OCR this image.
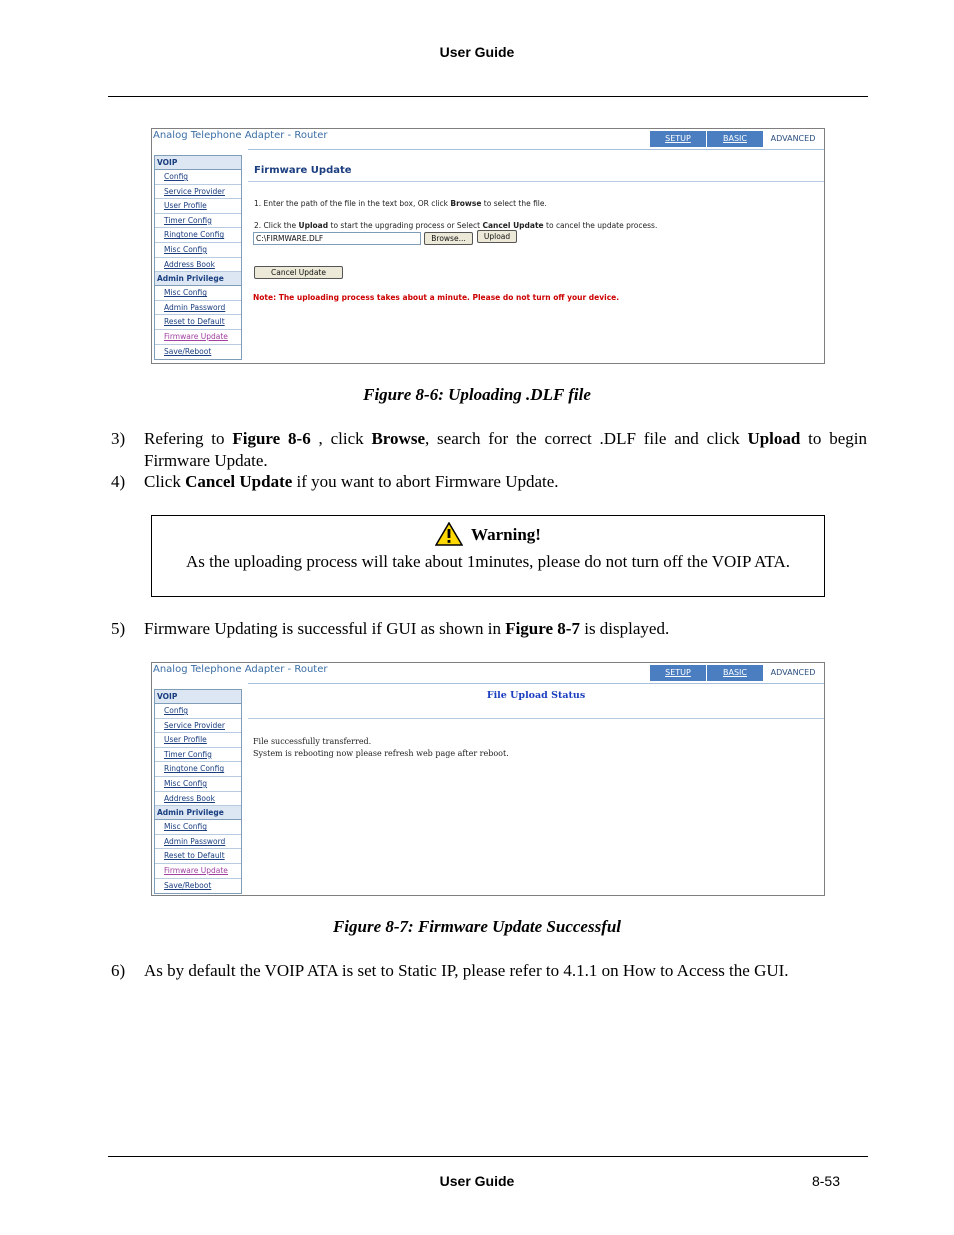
User Guide
Analog Telephone Adapter - Router	SETUP	BASIC	ADVANCED
VOIP
Config
Service Provider
User Profile
Timer Config
Ringtone Config
Misc Config
Address Book
Admin Privilege
Misc Config
Admin Password
Reset to Default
Firmware Update
Save/Reboot
Firmware Update
1. Enter the path of the file in the text box, OR click Browse to select the file.
2. Click the Upload to start the upgrading process or Select Cancel Update to cancel the update process.
C:\FIRMWARE.DLF	Browse...	Upload
Cancel Update
Note: The uploading process takes about a minute. Please do not turn off your device.
Figure 8-6: Uploading .DLF file
3) Refering to Figure 8-6 , click Browse, search for the correct .DLF file and click Upload to begin Firmware Update.
4) Click Cancel Update if you want to abort Firmware Update.
Warning!
As the uploading process will take about 1minutes, please do not turn off the VOIP ATA.
5) Firmware Updating is successful if GUI as shown in Figure 8-7 is displayed.
Analog Telephone Adapter - Router	SETUP	BASIC	ADVANCED
VOIP
Config
Service Provider
User Profile
Timer Config
Ringtone Config
Misc Config
Address Book
Admin Privilege
Misc Config
Admin Password
Reset to Default
Firmware Update
Save/Reboot
File Upload Status
File successfully transferred.
System is rebooting now please refresh web page after reboot.
Figure 8-7: Firmware Update Successful
6) As by default the VOIP ATA is set to Static IP, please refer to 4.1.1 on How to Access the GUI.
User Guide	8-53
